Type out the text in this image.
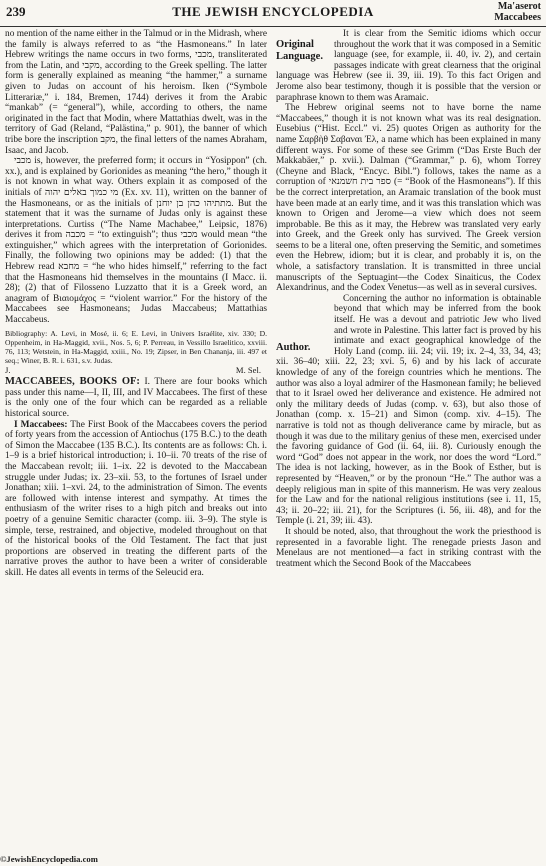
239	THE JEWISH ENCYCLOPEDIA	Ma'aserot
Maccabees

no mention of the name either in the Talmud or in the Midrash, where the family is always referred to as “the Hasmoneans.” In later Hebrew writings the name occurs in two forms, מכבי, transliterated from the Latin, and מקבי, according to the Greek spelling. The latter form is generally explained as meaning “the hammer,” a surname given to Judas on account of his heroism. Iken (“Symbole Litterariæ,” i. 184, Bremen, 1744) derives it from the Arabic “mankab” (= “general”), while, according to others, the name originated in the fact that Modin, where Mattathias dwelt, was in the territory of Gad (Reland, “Palästina,” p. 901), the banner of which tribe bore the inscription מקב, the final letters of the names Abraham, Isaac, and Jacob.

מכבי is, however, the preferred form; it occurs in “Yosippon” (ch. xx.), and is explained by Gorionides as meaning “the hero,” though it is not known in what way. Others explain it as composed of the initials of מי כמוך באלים יהוה (Ex. xv. 11), written on the banner of the Hasmoneans, or as the initials of מתתיהו כהן בן יוחנן. But the statement that it was the surname of Judas only is against these interpretations. Curtiss (“The Name Machabee,” Leipsic, 1876) derives it from מכבה = “to extinguish”; thus מכבי would mean “the extinguisher,” which agrees with the interpretation of Gorionides. Finally, the following two opinions may be added: (1) that the Hebrew read מחבא = “he who hides himself,” referring to the fact that the Hasmoneans hid themselves in the mountains (I Macc. ii. 28); (2) that of Filosseno Luzzatto that it is a Greek word, an anagram of Βιαιομάχος = “violent warrior.” For the history of the Maccabees see Hasmoneans; Judas Maccabeus; Mattathias Maccabeus.

Bibliography: A. Levi, in Mosé, ii. 6; E. Levi, in Univers Israélite, xiv. 330; D. Oppenheim, in Ha-Maggid, xvii., Nos. 5, 6; P. Perreau, in Vessillo Israelitico, xxviii. 76, 113; Wetstein, in Ha-Maggid, xxiii., No. 19; Zipser, in Ben Chananja, iii. 497 et seq.; Winer, B. R. i. 631, s.v. Judas.

J.	M. Sel.

MACCABEES, BOOKS OF: I. There are four books which pass under this name—I, II, III, and IV Maccabees. The first of these is the only one of the four which can be regarded as a reliable historical source.

I Maccabees: The First Book of the Maccabees covers the period of forty years from the accession of Antiochus (175 B.C.) to the death of Simon the Maccabee (135 B.C.). Its contents are as follows: Ch. i. 1–9 is a brief historical introduction; i. 10–ii. 70 treats of the rise of the Maccabean revolt; iii. 1–ix. 22 is devoted to the Maccabean struggle under Judas; ix. 23–xii. 53, to the fortunes of Israel under Jonathan; xiii. 1–xvi. 24, to the administration of Simon. The events are followed with intense interest and sympathy. At times the enthusiasm of the writer rises to a high pitch and breaks out into poetry of a genuine Semitic character (comp. iii. 3–9). The style is simple, terse, restrained, and objective, modeled throughout on that of the historical books of the Old Testament. The fact that just proportions are observed in treating the different parts of the narrative proves the author to have been a writer of considerable skill. He dates all events in terms of the Seleucid era.

Original Language.

It is clear from the Semitic idioms which occur throughout the work that it was composed in a Semitic language (see, for example, ii. 40, iv. 2), and certain passages indicate with great clearness that the original language was Hebrew (see ii. 39, iii. 19). To this fact Origen and Jerome also bear testimony, though it is possible that the version or paraphrase known to them was Aramaic.

The Hebrew original seems not to have borne the name “Maccabees,” though it is not known what was its real designation. Eusebius (“Hist. Eccl.” vi. 25) quotes Origen as authority for the name Σαρβὴθ Σαβαναι Ἐλ, a name which has been explained in many different ways. For some of these see Grimm (“Das Erste Buch der Makkabäer,” p. xvii.). Dalman (“Grammar,” p. 6), whom Torrey (Cheyne and Black, “Encyc. Bibl.”) follows, takes the name as a corruption of ספר בית חשמנאי (= “Book of the Hasmoneans”). If this be the correct interpretation, an Aramaic translation of the book must have been made at an early time, and it was this translation which was known to Origen and Jerome—a view which does not seem improbable. Be this as it may, the Hebrew was translated very early into Greek, and the Greek only has survived. The Greek version seems to be a literal one, often preserving the Semitic, and sometimes even the Hebrew, idiom; but it is clear, and probably it is, on the whole, a satisfactory translation. It is transmitted in three uncial manuscripts of the Septuagint—the Codex Sinaiticus, the Codex Alexandrinus, and the Codex Venetus—as well as in several cursives.

Author.

Concerning the author no information is obtainable beyond that which may be inferred from the book itself. He was a devout and patriotic Jew who lived and wrote in Palestine. This latter fact is proved by his intimate and exact geographical knowledge of the Holy Land (comp. iii. 24; vii. 19; ix. 2–4, 33, 34, 43; xii. 36–40; xiii. 22, 23; xvi. 5, 6) and by his lack of accurate knowledge of any of the foreign countries which he mentions. The author was also a loyal admirer of the Hasmonean family; he believed that to it Israel owed her deliverance and existence. He admired not only the military deeds of Judas (comp. v. 63), but also those of Jonathan (comp. x. 15–21) and Simon (comp. xiv. 4–15). The narrative is told not as though deliverance came by miracle, but as though it was due to the military genius of these men, exercised under the favoring guidance of God (ii. 64, iii. 8). Curiously enough the word “God” does not appear in the work, nor does the word “Lord.” The idea is not lacking, however, as in the Book of Esther, but is represented by “Heaven,” or by the pronoun “He.” The author was a deeply religious man in spite of this mannerism. He was very zealous for the Law and for the national religious institutions (see i. 11, 15, 43; ii. 20–22; iii. 21), for the Scriptures (i. 56, iii. 48), and for the Temple (i. 21, 39; iii. 43).

It should be noted, also, that throughout the work the priesthood is represented in a favorable light. The renegade priests Jason and Menelaus are not mentioned—a fact in striking contrast with the treatment which the Second Book of the Maccabees

©JewishEncyclopedia.com
